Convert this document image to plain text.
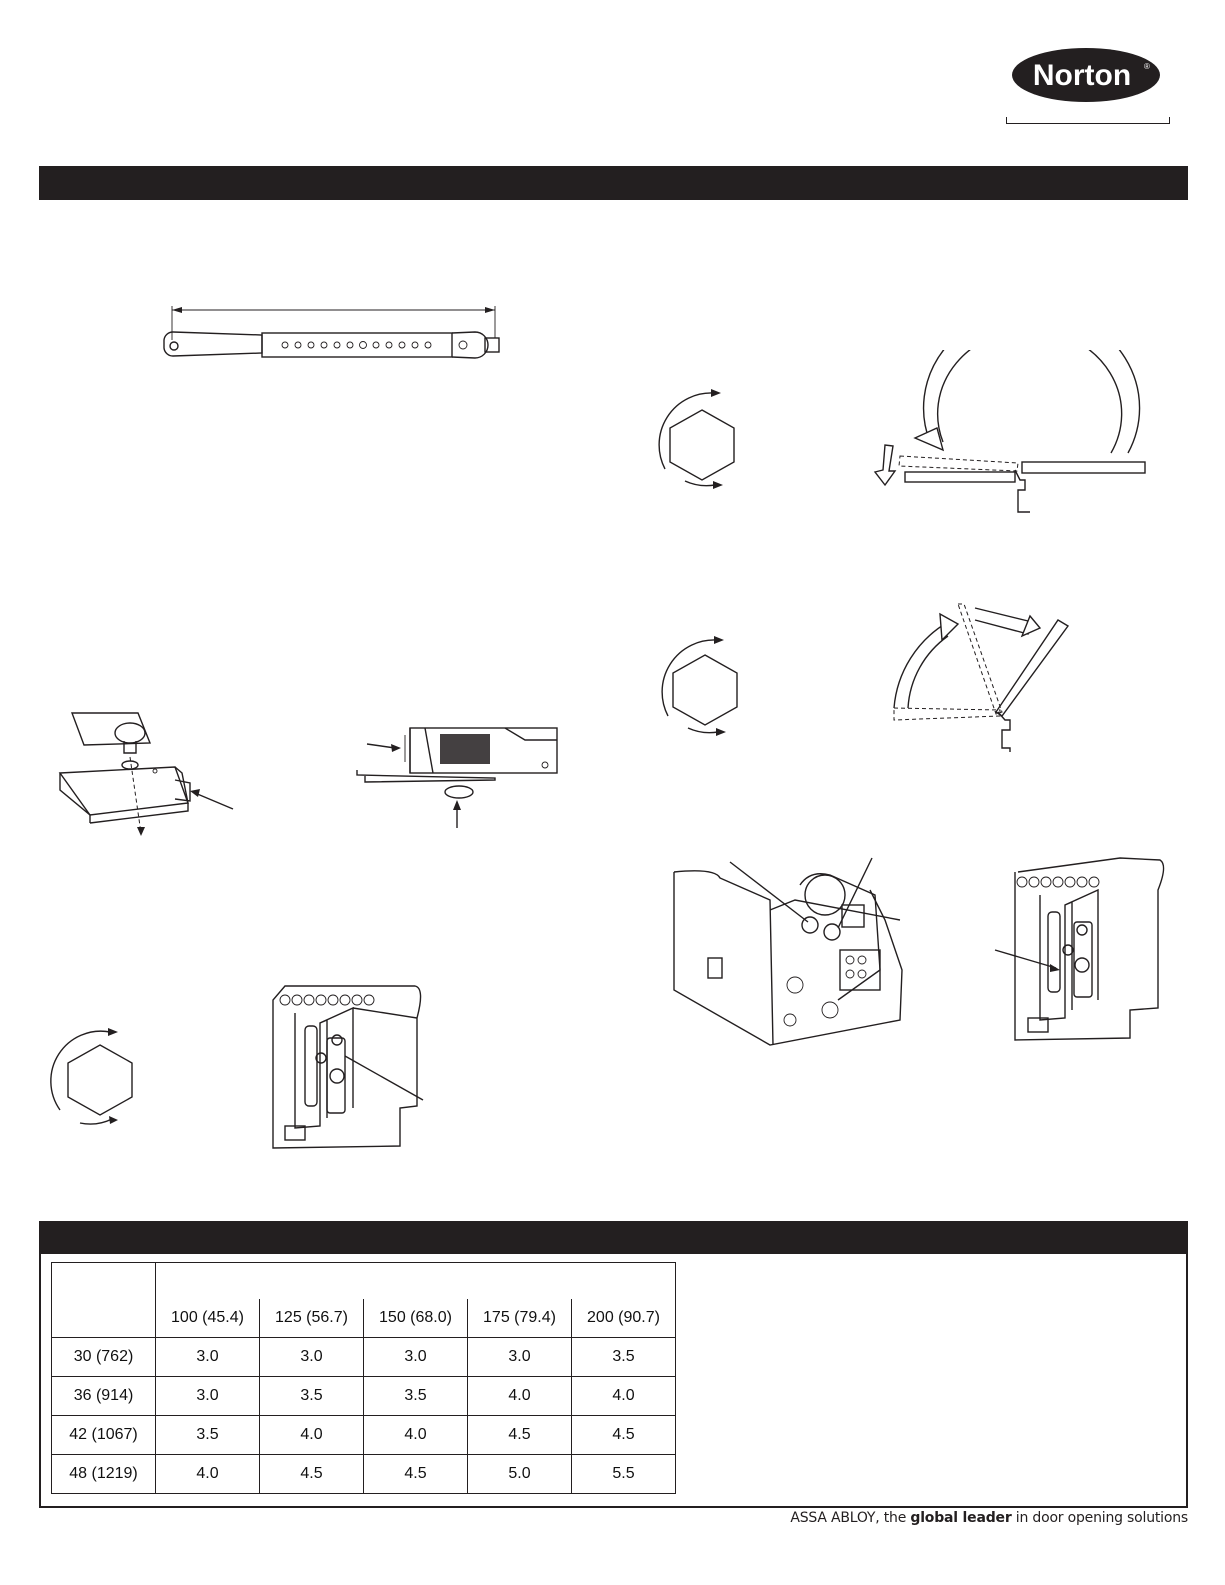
Norton ®

	100 (45.4)	125 (56.7)	150 (68.0)	175 (79.4)	200 (90.7)
30 (762)	3.0	3.0	3.0	3.0	3.5
36 (914)	3.0	3.5	3.5	4.0	4.0
42 (1067)	3.5	4.0	4.0	4.5	4.5
48 (1219)	4.0	4.5	4.5	5.0	5.5
ASSA ABLOY, the global leader in door opening solutions
